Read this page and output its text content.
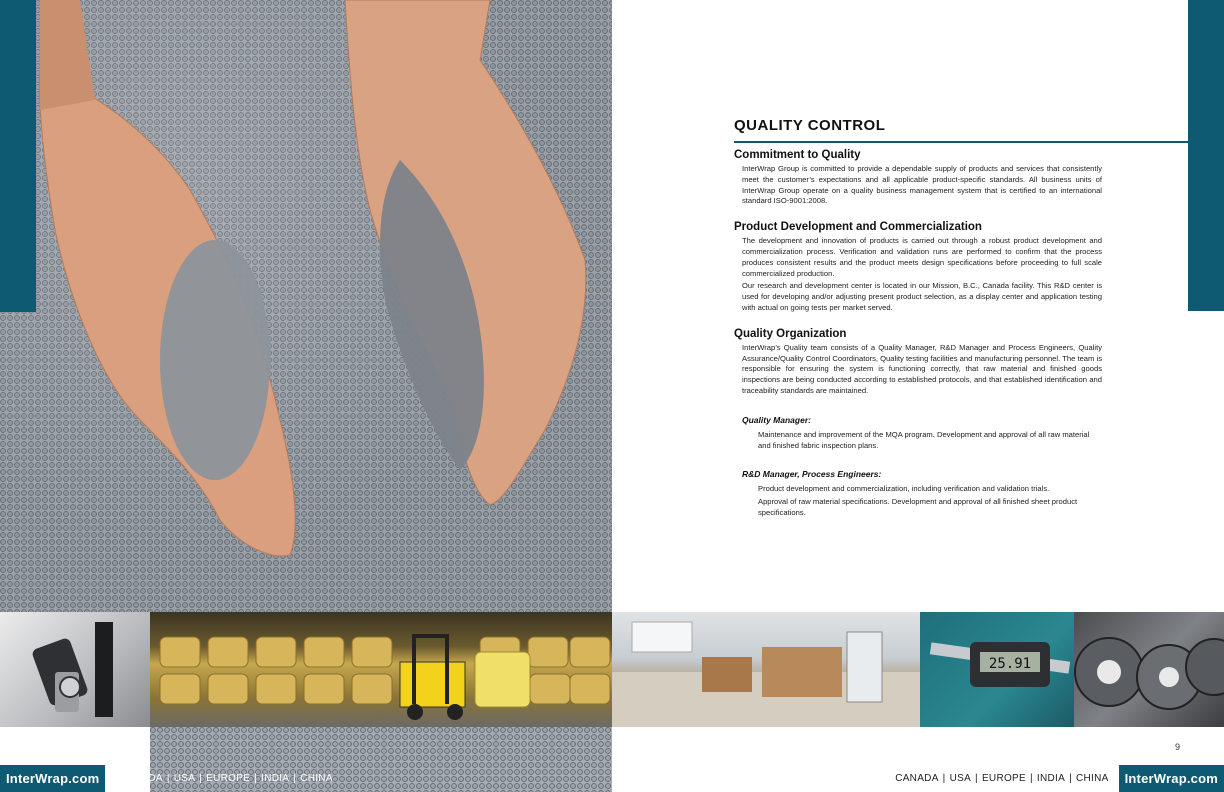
8
InterWrap.com	CANADA | USA | EUROPE | INDIA | CHINA
25.91
QUALITY CONTROL
Commitment to Quality

InterWrap Group is committed to provide a dependable supply of products and services that consistently meet the customer’s expectations and all applicable product-specific standards. All business units of InterWrap Group operate on a quality business management system that is certified to an international standard ISO-9001:2008.

Product Development and Commercialization

The development and innovation of products is carried out through a robust product development and commercialization process. Verification and validation runs are performed to confirm that the process produces consistent results and the product meets design specifications before proceeding to full scale commercialized production.

Our research and development center is located in our Mission, B.C., Canada facility. This R&D center is used for developing and/or adjusting present product selection, as a display center and application testing with actual on going tests per market served.

Quality Organization

InterWrap’s Quality team consists of a Quality Manager, R&D Manager and Process Engineers, Quality Assurance/Quality Control Coordinators, Quality testing facilities and manufacturing personnel. The team is responsible for ensuring the system is functioning correctly, that raw material and finished goods inspections are being conducted according to established protocols, and that established identification and traceability standards are maintained.

Quality Manager:

Maintenance and improvement of the MQA program. Development and approval of all raw material and finished fabric inspection plans.

R&D Manager, Process Engineers:

Product development and commercialization, including verification and validation trials.

Approval of raw material specifications. Development and approval of all finished sheet product specifications.

9
CANADA | USA | EUROPE | INDIA | CHINA	InterWrap.com
